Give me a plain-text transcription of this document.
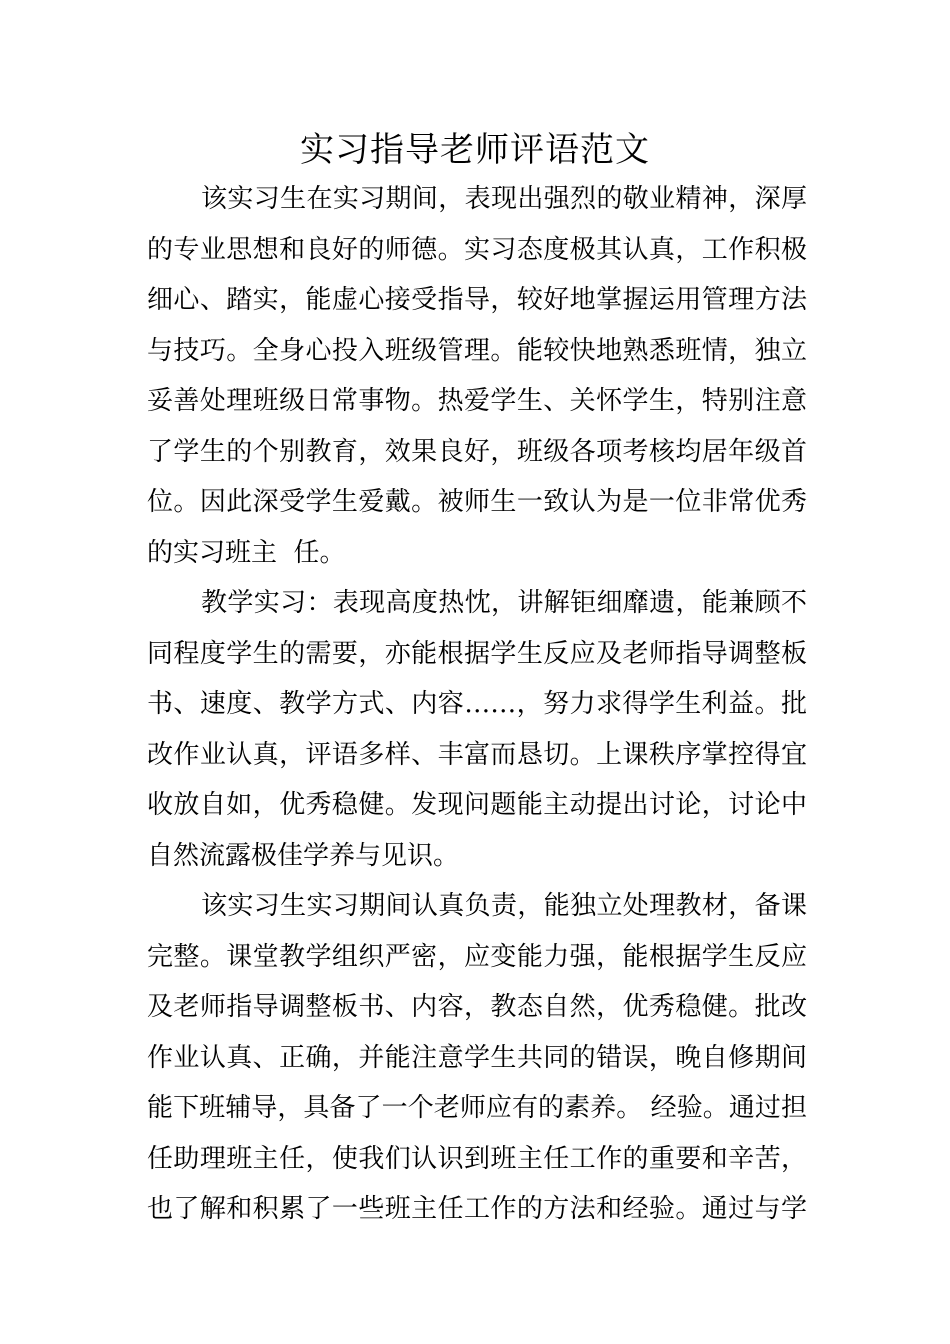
实习指导老师评语范文
该实习生在实习期间，表现出强烈的敬业精神，深厚
的专业思想和良好的师德。实习态度极其认真，工作积极
细心、踏实，能虚心接受指导，较好地掌握运用管理方法
与技巧。全身心投入班级管理。能较快地熟悉班情，独立
妥善处理班级日常事物。热爱学生、关怀学生，特别注意
了学生的个别教育，效果良好，班级各项考核均居年级首
位。因此深受学生爱戴。被师生一致认为是一位非常优秀
的实习班主  任。
教学实习：表现高度热忱，讲解钜细靡遗，能兼顾不
同程度学生的需要，亦能根据学生反应及老师指导调整板
书、速度、教学方式、内容……，努力求得学生利益。批
改作业认真，评语多样、丰富而恳切。上课秩序掌控得宜
收放自如，优秀稳健。发现问题能主动提出讨论，讨论中
自然流露极佳学养与见识。
该实习生实习期间认真负责，能独立处理教材，备课
完整。课堂教学组织严密，应变能力强，能根据学生反应
及老师指导调整板书、内容，教态自然，优秀稳健。批改
作业认真、正确，并能注意学生共同的错误，晚自修期间
能下班辅导，具备了一个老师应有的素养。 经验。通过担
任助理班主任，使我们认识到班主任工作的重要和辛苦，
也了解和积累了一些班主任工作的方法和经验。通过与学
